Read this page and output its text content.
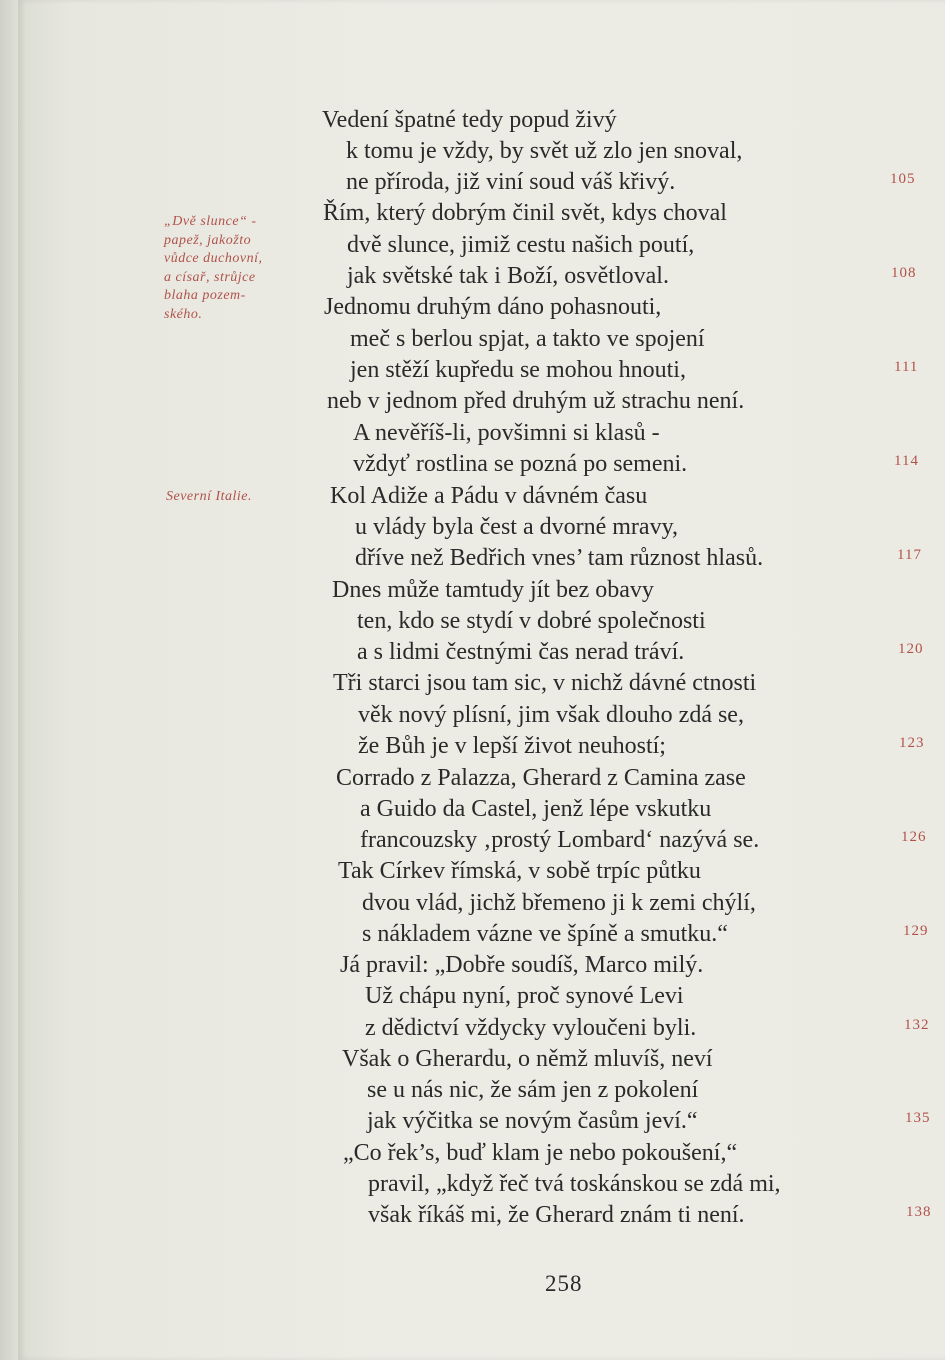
„Dvě slunce“ -
papež, jakožto
vůdce duchovní,
a císař, strůjce
blaha pozem-
ského.
Severní Italie.
Vedení špatné tedy popud živý
k tomu je vždy, by svět už zlo jen snoval,
ne příroda, již viní soud váš křivý.
Řím, který dobrým činil svět, kdys choval
dvě slunce, jimiž cestu našich poutí,
jak světské tak i Boží, osvětloval.
Jednomu druhým dáno pohasnouti,
meč s berlou spjat, a takto ve spojení
jen stěží kupředu se mohou hnouti,
neb v jednom před druhým už strachu není.
A nevěříš-li, povšimni si klasů -
vždyť rostlina se pozná po semeni.
Kol Adiže a Pádu v dávném času
u vlády byla čest a dvorné mravy,
dříve než Bedřich vnes’ tam různost hlasů.
Dnes může tamtudy jít bez obavy
ten, kdo se stydí v dobré společnosti
a s lidmi čestnými čas nerad tráví.
Tři starci jsou tam sic, v nichž dávné ctnosti
věk nový plísní, jim však dlouho zdá se,
že Bůh je v lepší život neuhostí;
Corrado z Palazza, Gherard z Camina zase
a Guido da Castel, jenž lépe vskutku
francouzsky ‚prostý Lombard‘ nazývá se.
Tak Církev římská, v sobě trpíc půtku
dvou vlád, jichž břemeno ji k zemi chýlí,
s nákladem vázne ve špíně a smutku.“
Já pravil: „Dobře soudíš, Marco milý.
Už chápu nyní, proč synové Levi
z dědictví vždycky vyloučeni byli.
Však o Gherardu, o němž mluvíš, neví
se u nás nic, že sám jen z pokolení
jak výčitka se novým časům jeví.“
„Co řek’s, buď klam je nebo pokoušení,“
pravil, „když řeč tvá toskánskou se zdá mi,
však říkáš mi, že Gherard znám ti není.
105
108
111
114
117
120
123
126
129
132
135
138
258
